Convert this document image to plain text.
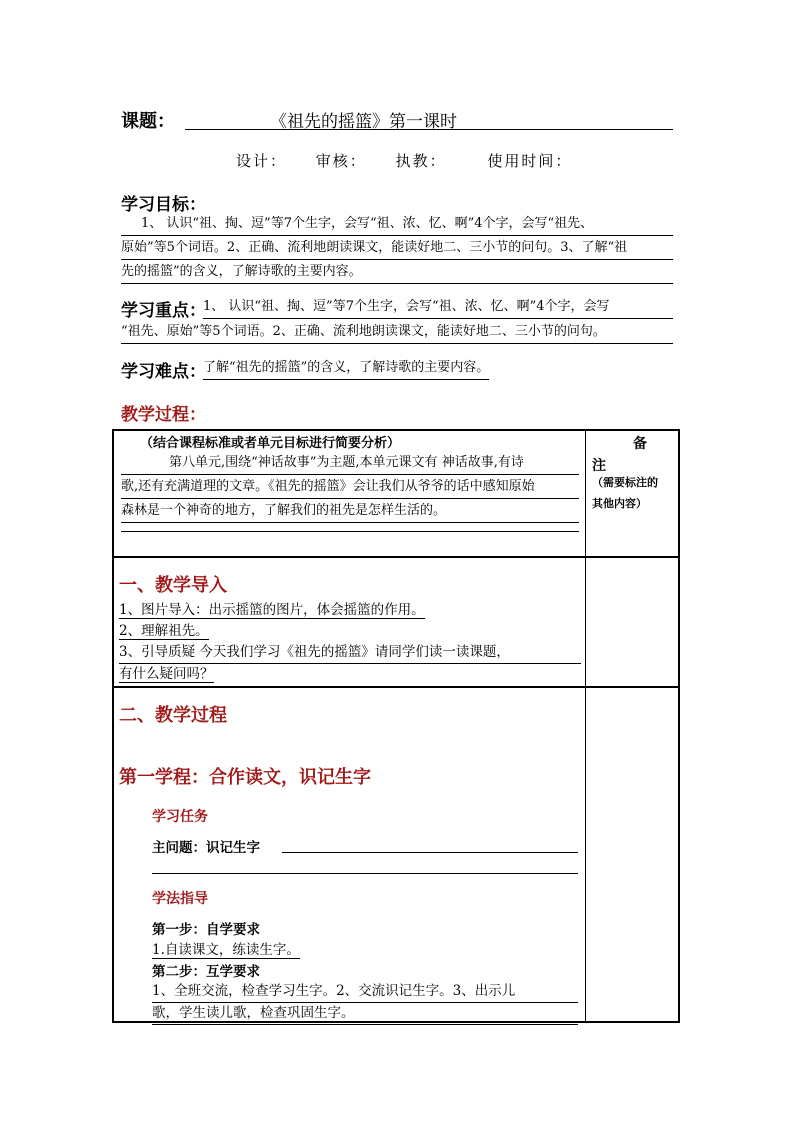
课题：	《祖先的摇篮》第一课时
设计： 审核： 执教：	使用时间：
学习目标：
1、 认识“祖、掏、逗”等7个生字，会写“祖、浓、忆、啊”4个字，会写“祖先、
原始”等5个词语。2、正确、流利地朗读课文，能读好地二、三小节的问句。3、了解“祖
先的摇篮”的含义，了解诗歌的主要内容。
学习重点：
1、 认识“祖、掏、逗”等7个生字，会写“祖、浓、忆、啊”4个字，会写
“祖先、原始”等5个词语。2、正确、流利地朗读课文，能读好地二、三小节的问句。
学习难点：
了解“祖先的摇篮”的含义，了解诗歌的主要内容。
教学过程：
（结合课程标准或者单元目标进行简要分析）
第八单元,围绕“神话故事”为主题,本单元课文有 神话故事,有诗
歌,还有充满道理的文章。《祖先的摇篮》会让我们从爷爷的话中感知原始
森林是一个神奇的地方，了解我们的祖先是怎样生活的。
备
注
（需要标注的
其他内容）
一、教学导入
1、图片导入：出示摇篮的图片，体会摇篮的作用。
2、理解祖先。
3、引导质疑 今天我们学习《祖先的摇篮》请同学们读一读课题，
有什么疑问吗？
二、教学过程
第一学程：合作读文，识记生字
学习任务
主问题：识记生字
学法指导
第一步：自学要求
1.自读课文，练读生字。
第二步：互学要求
1、全班交流，检查学习生字。2、交流识记生字。3、出示儿
歌，学生读儿歌，检查巩固生字。
